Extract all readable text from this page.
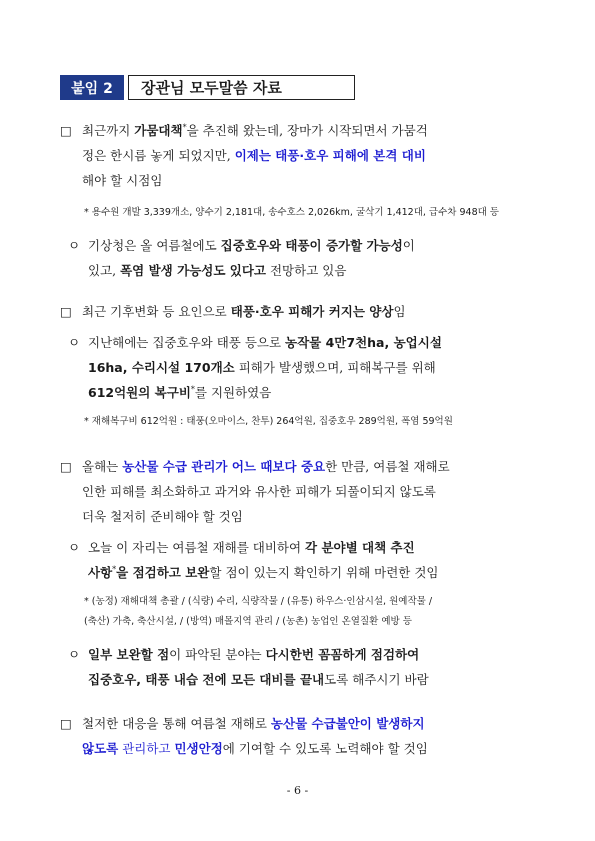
붙임 2	장관님 모두말씀 자료
□ 최근까지 가뭄대책*을 추진해 왔는데, 장마가 시작되면서 가뭄걱
정은 한시름 놓게 되었지만, 이제는 태풍·호우 피해에 본격 대비
해야 할 시점임
* 용수원 개발 3,339개소, 양수기 2,181대, 송수호스 2,026km, 굴삭기 1,412대, 급수차 948대 등
ㅇ 기상청은 올 여름철에도 집중호우와 태풍이 증가할 가능성이
있고, 폭염 발생 가능성도 있다고 전망하고 있음
□ 최근 기후변화 등 요인으로 태풍·호우 피해가 커지는 양상임
ㅇ 지난해에는 집중호우와 태풍 등으로 농작물 4만7천ha, 농업시설
16ha, 수리시설 170개소 피해가 발생했으며, 피해복구를 위해
612억원의 복구비*를 지원하였음
* 재해복구비 612억원 : 태풍(오마이스, 찬투) 264억원, 집중호우 289억원, 폭염 59억원
□ 올해는 농산물 수급 관리가 어느 때보다 중요한 만큼, 여름철 재해로
인한 피해를 최소화하고 과거와 유사한 피해가 되풀이되지 않도록
더욱 철저히 준비해야 할 것임
ㅇ 오늘 이 자리는 여름철 재해를 대비하여 각 분야별 대책 추진
사항*을 점검하고 보완할 점이 있는지 확인하기 위해 마련한 것임
* (농정) 재해대책 총괄 / (식량) 수리, 식량작물 / (유통) 하우스·인삼시설, 원예작물 /
(축산) 가축, 축산시설, / (방역) 매몰지역 관리 / (농촌) 농업인 온열질환 예방 등
ㅇ 일부 보완할 점이 파악된 분야는 다시한번 꼼꼼하게 점검하여
집중호우, 태풍 내습 전에 모든 대비를 끝내도록 해주시기 바람
□ 철저한 대응을 통해 여름철 재해로 농산물 수급불안이 발생하지
않도록 관리하고 민생안정에 기여할 수 있도록 노력해야 할 것임
- 6 -
